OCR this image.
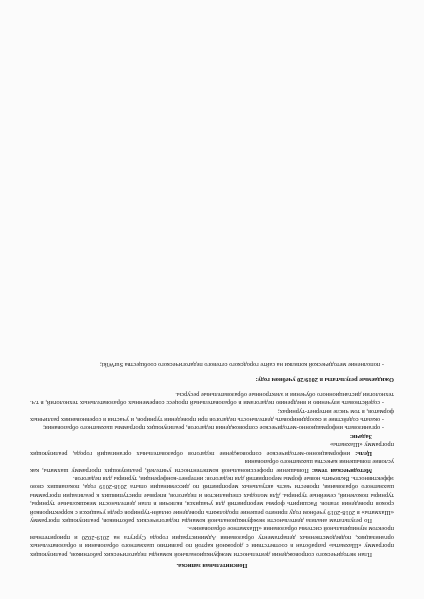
Пояснительная записка.

План методического сопровождения деятельности межфункциональной команды педагогических работников, реализующих программу «Шахматы» разработан в соответствии с дорожной картой по развитию шахматного образования в образовательных организациях, подведомственных департаменту образования Администрации города Сургута на 2019-2020 и приоритетным проектом муниципальной системы образования «Шахматное образование».

По результатам анализа деятельности межфункциональной команды педагогических работников, реализующих программу «Шахматы» в 2018-2019 учебном году принято решение продолжить проведение онлайн-турниров среди учащихся с корректировкой сроков проведения этапов. Расширить формы мероприятий для учащихся, включив в план деятельности межшкольные турниры, турниры поколений, семейные турниры. Для молодых специалистов и педагогов, впервые приступивших к реализации программы шахматного образования, провести часть актуальных мероприятий по диссеминации опыта 2018-2019 года, показавших свою эффективность. Включить новые формы мероприятий для педагогов: интернет-конференции, турниры для педагогов.

Методическая тема: Повышение профессиональной компетентности учителей, реализующих программу шахматы, как условие повышения качества шахматного образования

Цель: информационно-методическое сопровождение педагогов образовательных организаций города, реализующих программу «Шахматы»

Задачи:

- организовать информационно-методическое сопровождения педагогов, реализующих программы шахматного образования;

- оказать содействие и скоординировать деятельность педагогов при проведении турниров, и участия в соревнованиях различных форматов, в том числе интернет-турнирах;

- содействовать изучению и внедрению педагогами в образовательный процесс современных образовательных технологий, в т.ч. технологии дистанционного обучения и электронные образовательные ресурсы.

Ожидаемые результаты в 2019/20 учебном году:

- пополнение методической копилки на сайте городского сетевого педагогического сообщества SurWiki;
